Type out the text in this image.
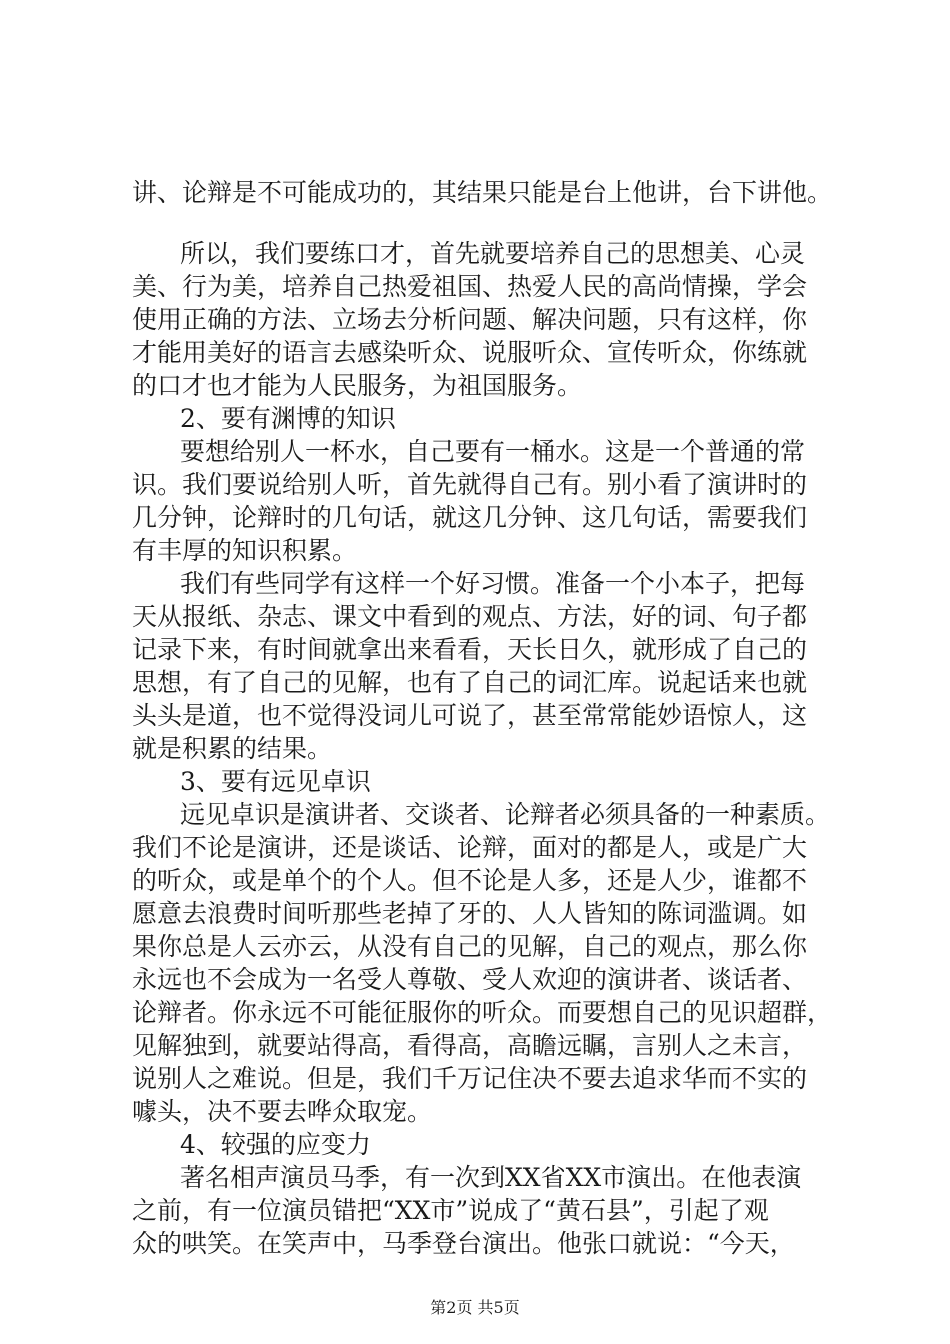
讲、论辩是不可能成功的，其结果只能是台上他讲，台下讲他。
所以，我们要练口才，首先就要培养自己的思想美、心灵
美、行为美，培养自己热爱祖国、热爱人民的高尚情操，学会
使用正确的方法、立场去分析问题、解决问题，只有这样，你
才能用美好的语言去感染听众、说服听众、宣传听众，你练就
的口才也才能为人民服务，为祖国服务。
2、要有渊博的知识
要想给别人一杯水，自己要有一桶水。这是一个普通的常
识。我们要说给别人听，首先就得自己有。别小看了演讲时的
几分钟，论辩时的几句话，就这几分钟、这几句话，需要我们
有丰厚的知识积累。
我们有些同学有这样一个好习惯。准备一个小本子，把每
天从报纸、杂志、课文中看到的观点、方法，好的词、句子都
记录下来，有时间就拿出来看看，天长日久，就形成了自己的
思想，有了自己的见解，也有了自己的词汇库。说起话来也就
头头是道，也不觉得没词儿可说了，甚至常常能妙语惊人，这
就是积累的结果。
3、要有远见卓识
远见卓识是演讲者、交谈者、论辩者必须具备的一种素质。
我们不论是演讲，还是谈话、论辩，面对的都是人，或是广大
的听众，或是单个的个人。但不论是人多，还是人少，谁都不
愿意去浪费时间听那些老掉了牙的、人人皆知的陈词滥调。如
果你总是人云亦云，从没有自己的见解，自己的观点，那么你
永远也不会成为一名受人尊敬、受人欢迎的演讲者、谈话者、
论辩者。你永远不可能征服你的听众。而要想自己的见识超群，
见解独到，就要站得高，看得高，高瞻远瞩，言别人之未言，
说别人之难说。但是，我们千万记住决不要去追求华而不实的
噱头，决不要去哗众取宠。
4、较强的应变力
著名相声演员马季，有一次到XX省XX市演出。在他表演
之前，有一位演员错把“XX市”说成了“黄石县”，引起了观
众的哄笑。在笑声中，马季登台演出。他张口就说：“今天，
第2页 共5页
